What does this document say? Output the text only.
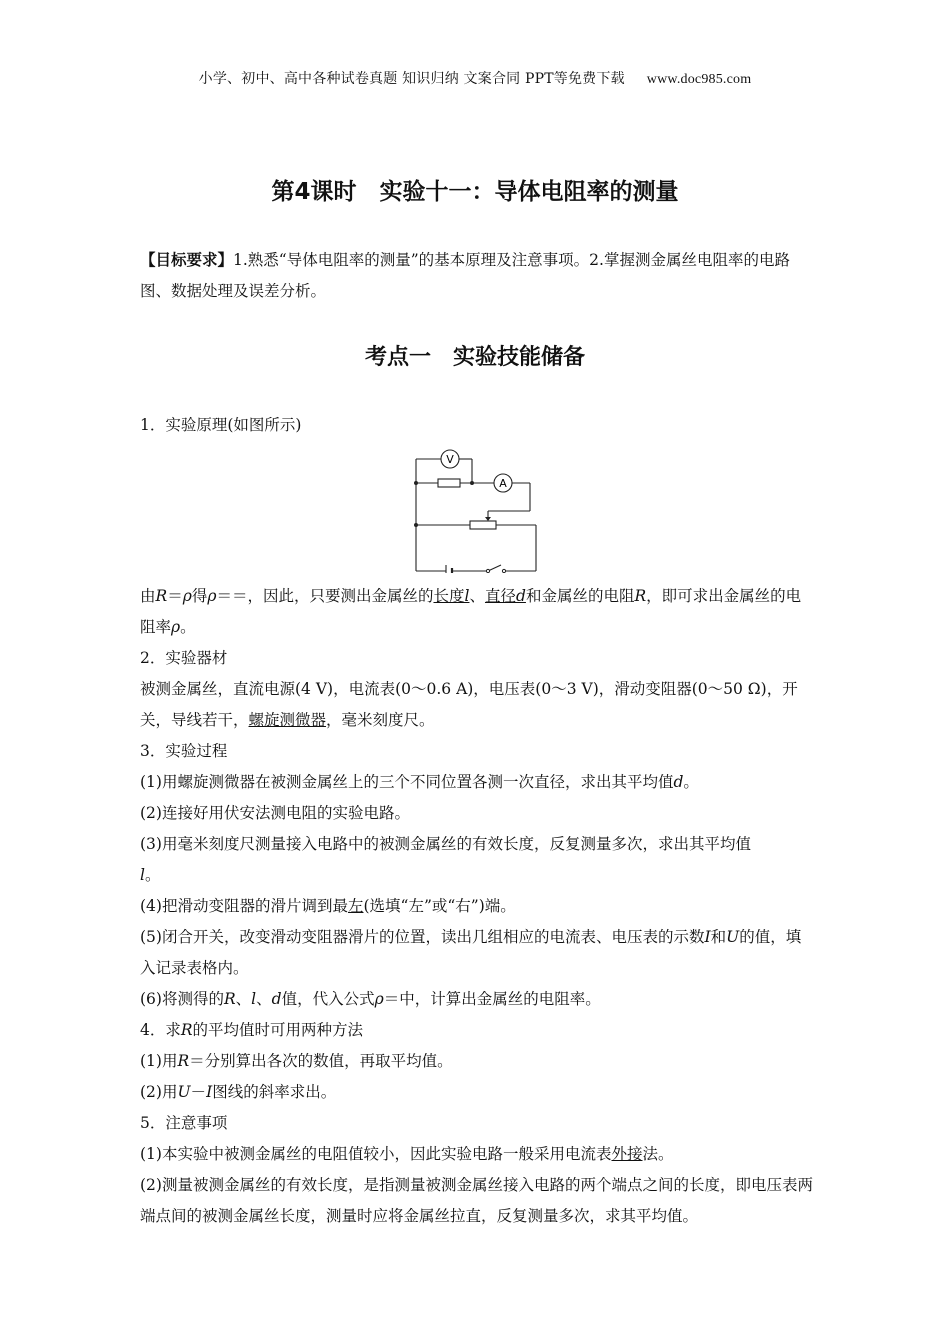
小学、初中、高中各种试卷真题 知识归纳 文案合同 PPT等免费下载 www.doc985.com
第4课时　实验十一：导体电阻率的测量
【目标要求】1.熟悉“导体电阻率的测量”的基本原理及注意事项。2.掌握测金属丝电阻率的电路图、数据处理及误差分析。
考点一　实验技能储备

1．实验原理(如图所示)

V
A

由R＝ρ得ρ＝＝，因此，只要测出金属丝的长度l、直径d和金属丝的电阻R，即可求出金属丝的电阻率ρ。

2．实验器材

被测金属丝，直流电源(4 V)，电流表(0～0.6 A)，电压表(0～3 V)，滑动变阻器(0～50 Ω)，开关，导线若干，螺旋测微器，毫米刻度尺。

3．实验过程

(1)用螺旋测微器在被测金属丝上的三个不同位置各测一次直径，求出其平均值d。

(2)连接好用伏安法测电阻的实验电路。

(3)用毫米刻度尺测量接入电路中的被测金属丝的有效长度，反复测量多次，求出其平均值
l。

(4)把滑动变阻器的滑片调到最左(选填“左”或“右”)端。

(5)闭合开关，改变滑动变阻器滑片的位置，读出几组相应的电流表、电压表的示数I和U的值，填入记录表格内。

(6)将测得的R、l、d值，代入公式ρ＝中，计算出金属丝的电阻率。

4．求R的平均值时可用两种方法

(1)用R＝分别算出各次的数值，再取平均值。

(2)用U－I图线的斜率求出。

5．注意事项

(1)本实验中被测金属丝的电阻值较小，因此实验电路一般采用电流表外接法。

(2)测量被测金属丝的有效长度，是指测量被测金属丝接入电路的两个端点之间的长度，即电压表两端点间的被测金属丝长度，测量时应将金属丝拉直，反复测量多次，求其平均值。
